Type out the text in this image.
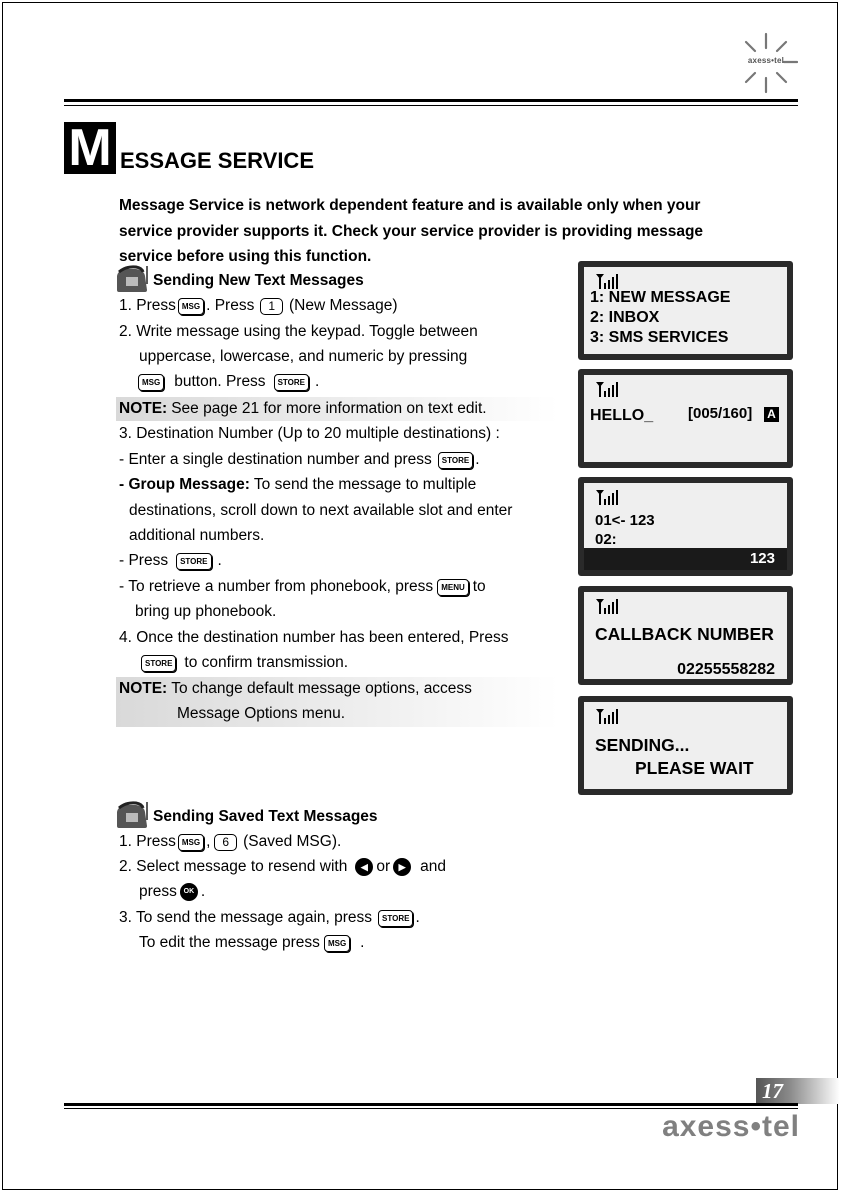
axess•tel
M ESSAGE SERVICE
Message Service is network dependent feature and is available only when your
service provider supports it. Check your service provider is providing message
service before using this function.
Sending New Text Messages
1. Press MSG . Press	1 (New Message)
2. Write message using the keypad. Toggle between
uppercase, lowercase, and numeric by pressing
MSG button. Press	STORE .
NOTE: See page 21 for more information on text edit.
3. Destination Number (Up to 20 multiple destinations) :
- Enter a single destination number and press	STORE .
- Group Message: To send the message to multiple
destinations, scroll down to next available slot and enter
additional numbers.
- Press	STORE .
- To retrieve a number from phonebook, press	MENU to
bring up phonebook.
4. Once the destination number has been entered, Press
STORE to confirm transmission.
NOTE: To change default message options, access
Message Options menu.
Sending Saved Text Messages
1. Press MSG ,	6 (Saved MSG).
2. Select message to resend with	◀ or ▶ and
press OK .
3. To send the message again, press	STORE .
To edit the message press	MSG .
1: NEW MESSAGE
2: INBOX
3: SMS SERVICES
HELLO_ [005/160] A
01<- 123
02:
123
CALLBACK NUMBER
02255558282
SENDING...
PLEASE WAIT
17
axess•tel
